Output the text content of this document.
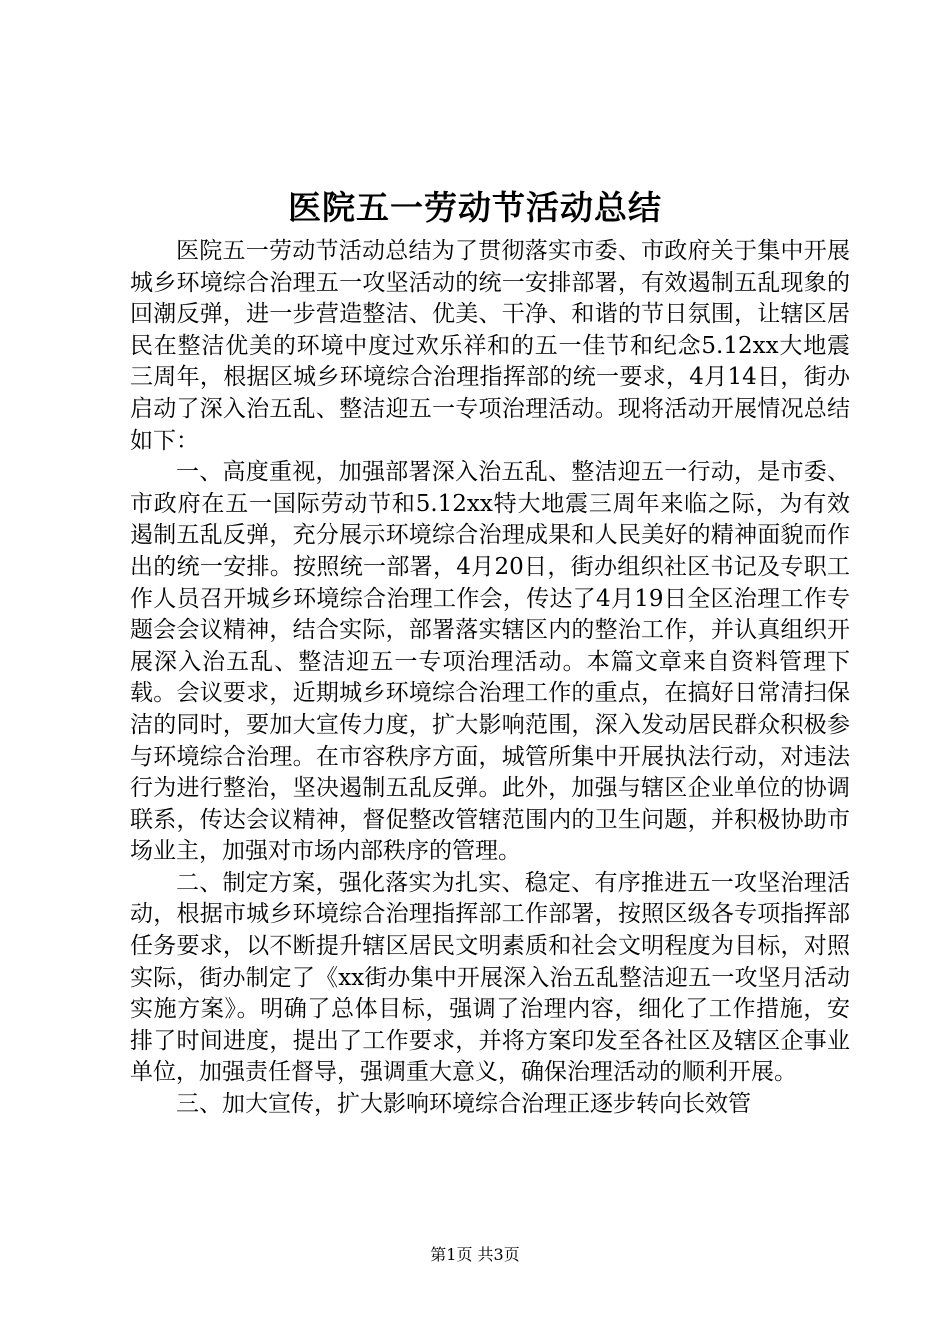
医院五一劳动节活动总结

医院五一劳动节活动总结为了贯彻落实市委、市政府关于集中开展城乡环境综合治理五一攻坚活动的统一安排部署，有效遏制五乱现象的回潮反弹，进一步营造整洁、优美、干净、和谐的节日氛围，让辖区居民在整洁优美的环境中度过欢乐祥和的五一佳节和纪念5.12xx大地震三周年，根据区城乡环境综合治理指挥部的统一要求，4月14日，街办启动了深入治五乱、整洁迎五一专项治理活动。现将活动开展情况总结如下：

一、高度重视，加强部署深入治五乱、整洁迎五一行动，是市委、市政府在五一国际劳动节和5.12xx特大地震三周年来临之际，为有效遏制五乱反弹，充分展示环境综合治理成果和人民美好的精神面貌而作出的统一安排。按照统一部署，4月20日，街办组织社区书记及专职工作人员召开城乡环境综合治理工作会，传达了4月19日全区治理工作专题会会议精神，结合实际，部署落实辖区内的整治工作，并认真组织开展深入治五乱、整洁迎五一专项治理活动。本篇文章来自资料管理下载。会议要求，近期城乡环境综合治理工作的重点，在搞好日常清扫保洁的同时，要加大宣传力度，扩大影响范围，深入发动居民群众积极参与环境综合治理。在市容秩序方面，城管所集中开展执法行动，对违法行为进行整治，坚决遏制五乱反弹。此外，加强与辖区企业单位的协调联系，传达会议精神，督促整改管辖范围内的卫生问题，并积极协助市场业主，加强对市场内部秩序的管理。

二、制定方案，强化落实为扎实、稳定、有序推进五一攻坚治理活动，根据市城乡环境综合治理指挥部工作部署，按照区级各专项指挥部任务要求，以不断提升辖区居民文明素质和社会文明程度为目标，对照实际，街办制定了《xx街办集中开展深入治五乱整洁迎五一攻坚月活动实施方案》。明确了总体目标，强调了治理内容，细化了工作措施，安排了时间进度，提出了工作要求，并将方案印发至各社区及辖区企事业单位，加强责任督导，强调重大意义，确保治理活动的顺利开展。

三、加大宣传，扩大影响环境综合治理正逐步转向长效管

第1页 共3页
